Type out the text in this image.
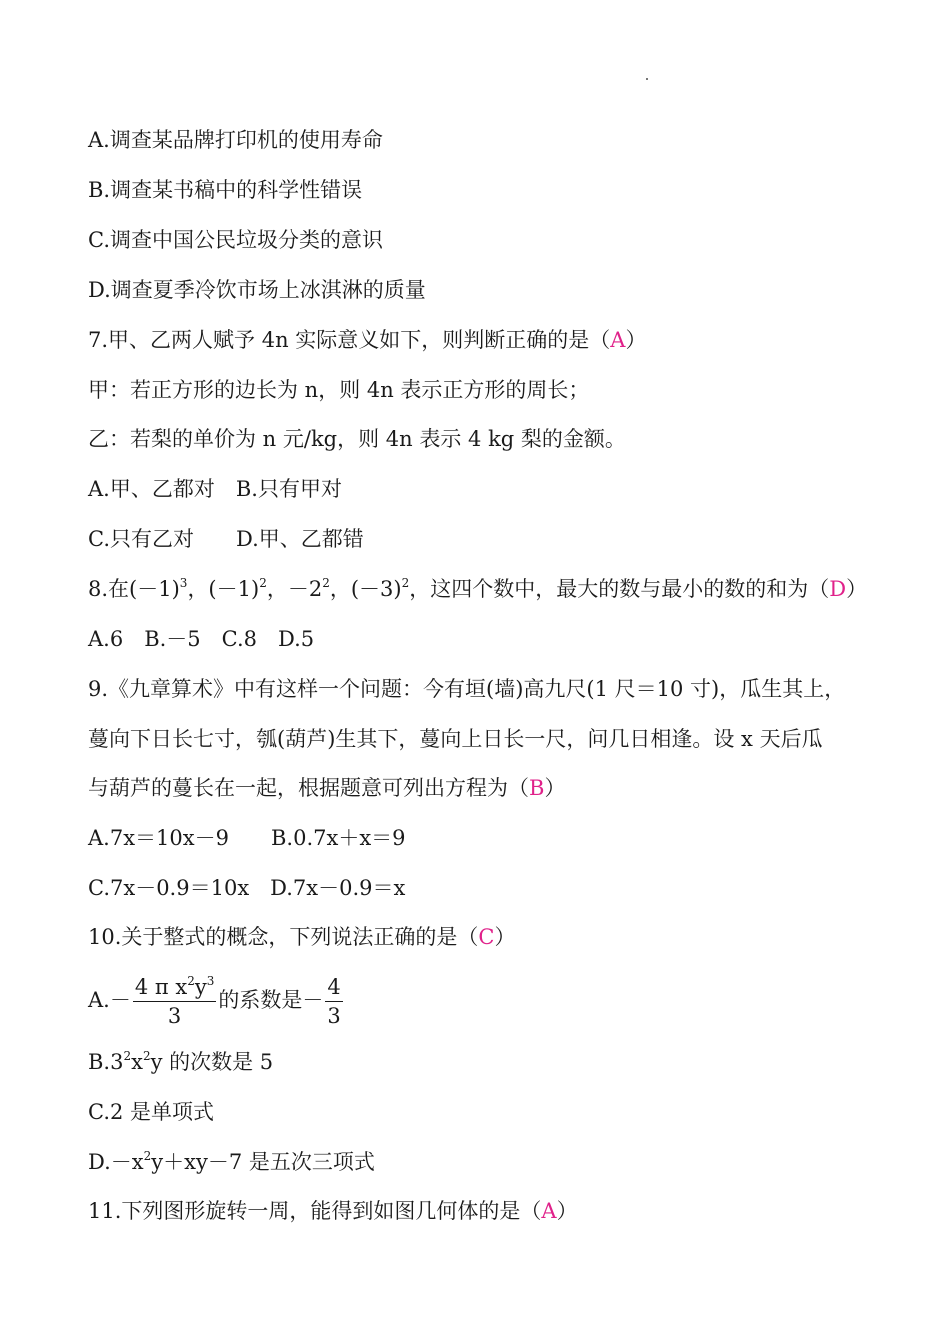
A.调查某品牌打印机的使用寿命
B.调查某书稿中的科学性错误
C.调查中国公民垃圾分类的意识
D.调查夏季冷饮市场上冰淇淋的质量
7.甲、乙两人赋予 4n 实际意义如下，则判断正确的是（A）
甲：若正方形的边长为 n，则 4n 表示正方形的周长；
乙：若梨的单价为 n 元/kg，则 4n 表示 4 kg 梨的金额。
A.甲、乙都对　B.只有甲对
C.只有乙对　　D.甲、乙都错
8.在$(-1)^3$，$(-1)^2$，$-2^2$，$(-3)^2$，这四个数中，最大的数与最小的数的和为（D）
A.6　B.－5　C.8　D.5
9.《九章算术》中有这样一个问题：今有垣(墙)高九尺(1 尺＝10 寸)，瓜生其上，
蔓向下日长七寸，瓠(葫芦)生其下，蔓向上日长一尺，问几日相逢。设 x 天后瓜
与葫芦的蔓长在一起，根据题意可列出方程为（B）
A.7x＝10x－9　　B.0.7x＋x＝9
C.7x－0.9＝10x　D.7x－0.9＝x
10.关于整式的概念，下列说法正确的是（C）
$A.- \frac{4 \pi x^2y^3}{3}$ 的系数是－ $\frac{4}{3}$
$B.3^2x^2y$ 的次数是 5
C.2 是单项式
$D.-x^2y+xy-7$ 是五次三项式
11.下列图形旋转一周，能得到如图几何体的是（A）
